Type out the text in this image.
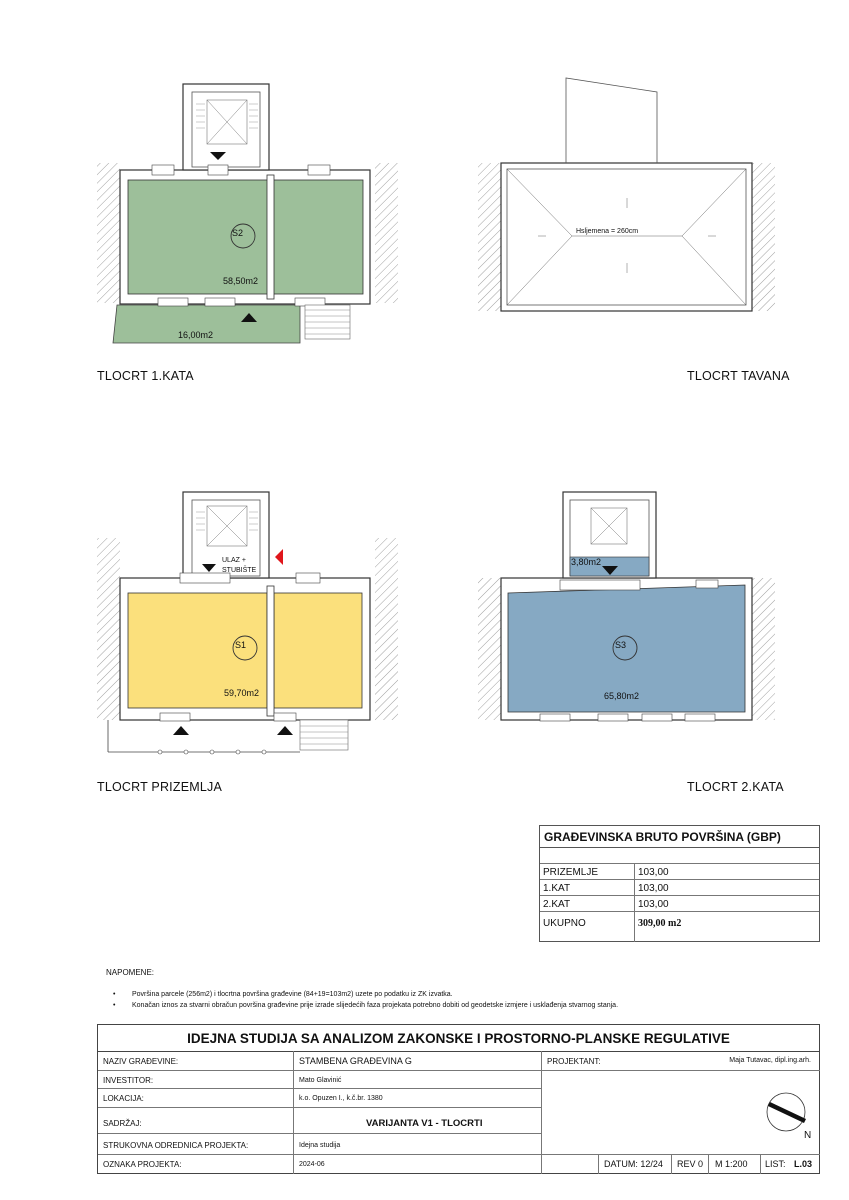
S2
58,50m2
16,00m2
TLOCRT 1.KATA
Hsljemena = 260cm
TLOCRT TAVANA
ULAZ +
STUBIŠTE
S1
59,70m2
TLOCRT PRIZEMLJA
3,80m2
S3
65,80m2
TLOCRT 2.KATA
GRAĐEVINSKA BRUTO POVRŠINA (GBP)
PRIZEMLJE	103,00
1.KAT	103,00
2.KAT	103,00
UKUPNO	309,00 m2
NAPOMENE:
• Površina parcele (256m2) i tlocrtna površina građevine (84+19=103m2) uzete po podatku iz ZK izvatka.
• Konačan iznos za stvarni obračun površina građevine prije izrade slijedećih faza projekata potrebno dobiti od geodetske izmjere i usklađenja stvarnog stanja.
IDEJNA STUDIJA SA ANALIZOM ZAKONSKE I PROSTORNO-PLANSKE REGULATIVE
NAZIV GRAĐEVINE:	STAMBENA GRAĐEVINA G	PROJEKTANT:	Maja Tutavac, dipl.ing.arh.
INVESTITOR:	Mato Glavinić
LOKACIJA:	k.o. Opuzen I., k.č.br. 1380
SADRŽAJ:	VARIJANTA V1 - TLOCRTI
STRUKOVNA ODREDNICA PROJEKTA:	Idejna studija
OZNAKA PROJEKTA:	2024-06	DATUM: 12/24 REV 0 M 1:200 LIST: L.03
N
